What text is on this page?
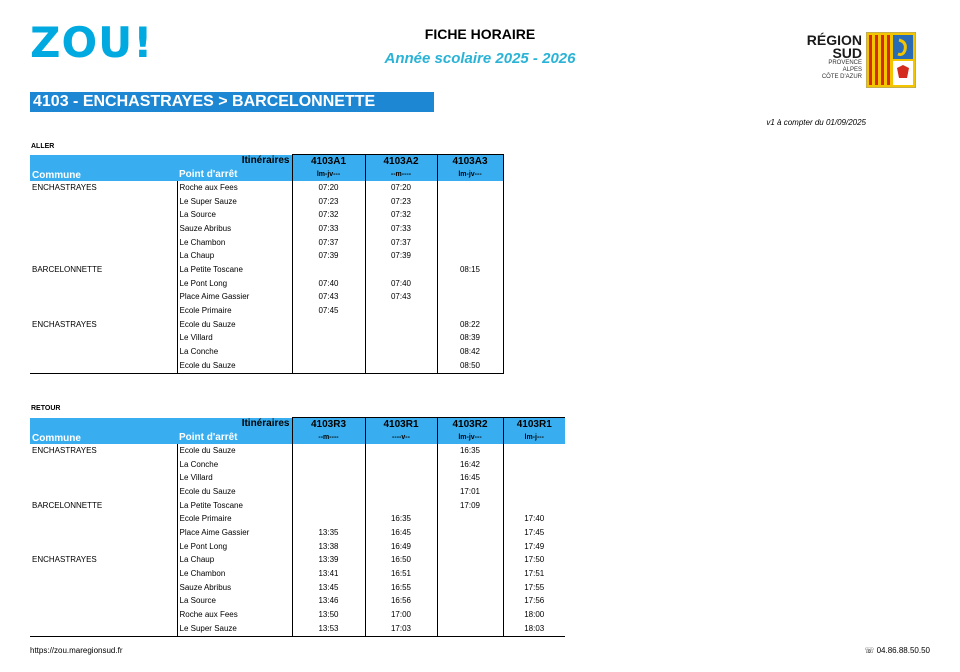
ZOU!	FICHE HORAIRE
Année scolaire 2025 - 2026
RÉGION
SUD
PROVENCE
ALPES
CÔTE D'AZUR
4103 - ENCHASTRAYES > BARCELONNETTE
v1 à compter du 01/09/2025
ALLER
	Itinéraires	4103A1	4103A2	4103A3
Commune	Point d'arrêt	lm-jv---	--m----	lm-jv---
ENCHASTRAYES	Roche aux Fees	07:20	07:20	
	Le Super Sauze	07:23	07:23	
	La Source	07:32	07:32	
	Sauze Abribus	07:33	07:33	
	Le Chambon	07:37	07:37	
	La Chaup	07:39	07:39	
BARCELONNETTE	La Petite Toscane			08:15
	Le Pont Long	07:40	07:40	
	Place Aime Gassier	07:43	07:43	
	Ecole Primaire	07:45		
ENCHASTRAYES	Ecole du Sauze			08:22
	Le Villard			08:39
	La Conche			08:42
	Ecole du Sauze			08:50
RETOUR
	Itinéraires	4103R3	4103R1	4103R2	4103R1
Commune	Point d'arrêt	--m----	----v--	lm-jv---	lm-j---
ENCHASTRAYES	Ecole du Sauze			16:35	
	La Conche			16:42	
	Le Villard			16:45	
	Ecole du Sauze			17:01	
BARCELONNETTE	La Petite Toscane			17:09	
	Ecole Primaire		16:35		17:40
	Place Aime Gassier	13:35	16:45		17:45
	Le Pont Long	13:38	16:49		17:49
ENCHASTRAYES	La Chaup	13:39	16:50		17:50
	Le Chambon	13:41	16:51		17:51
	Sauze Abribus	13:45	16:55		17:55
	La Source	13:46	16:56		17:56
	Roche aux Fees	13:50	17:00		18:00
	Le Super Sauze	13:53	17:03		18:03
https://zou.maregionsud.fr	☏ 04.86.88.50.50
